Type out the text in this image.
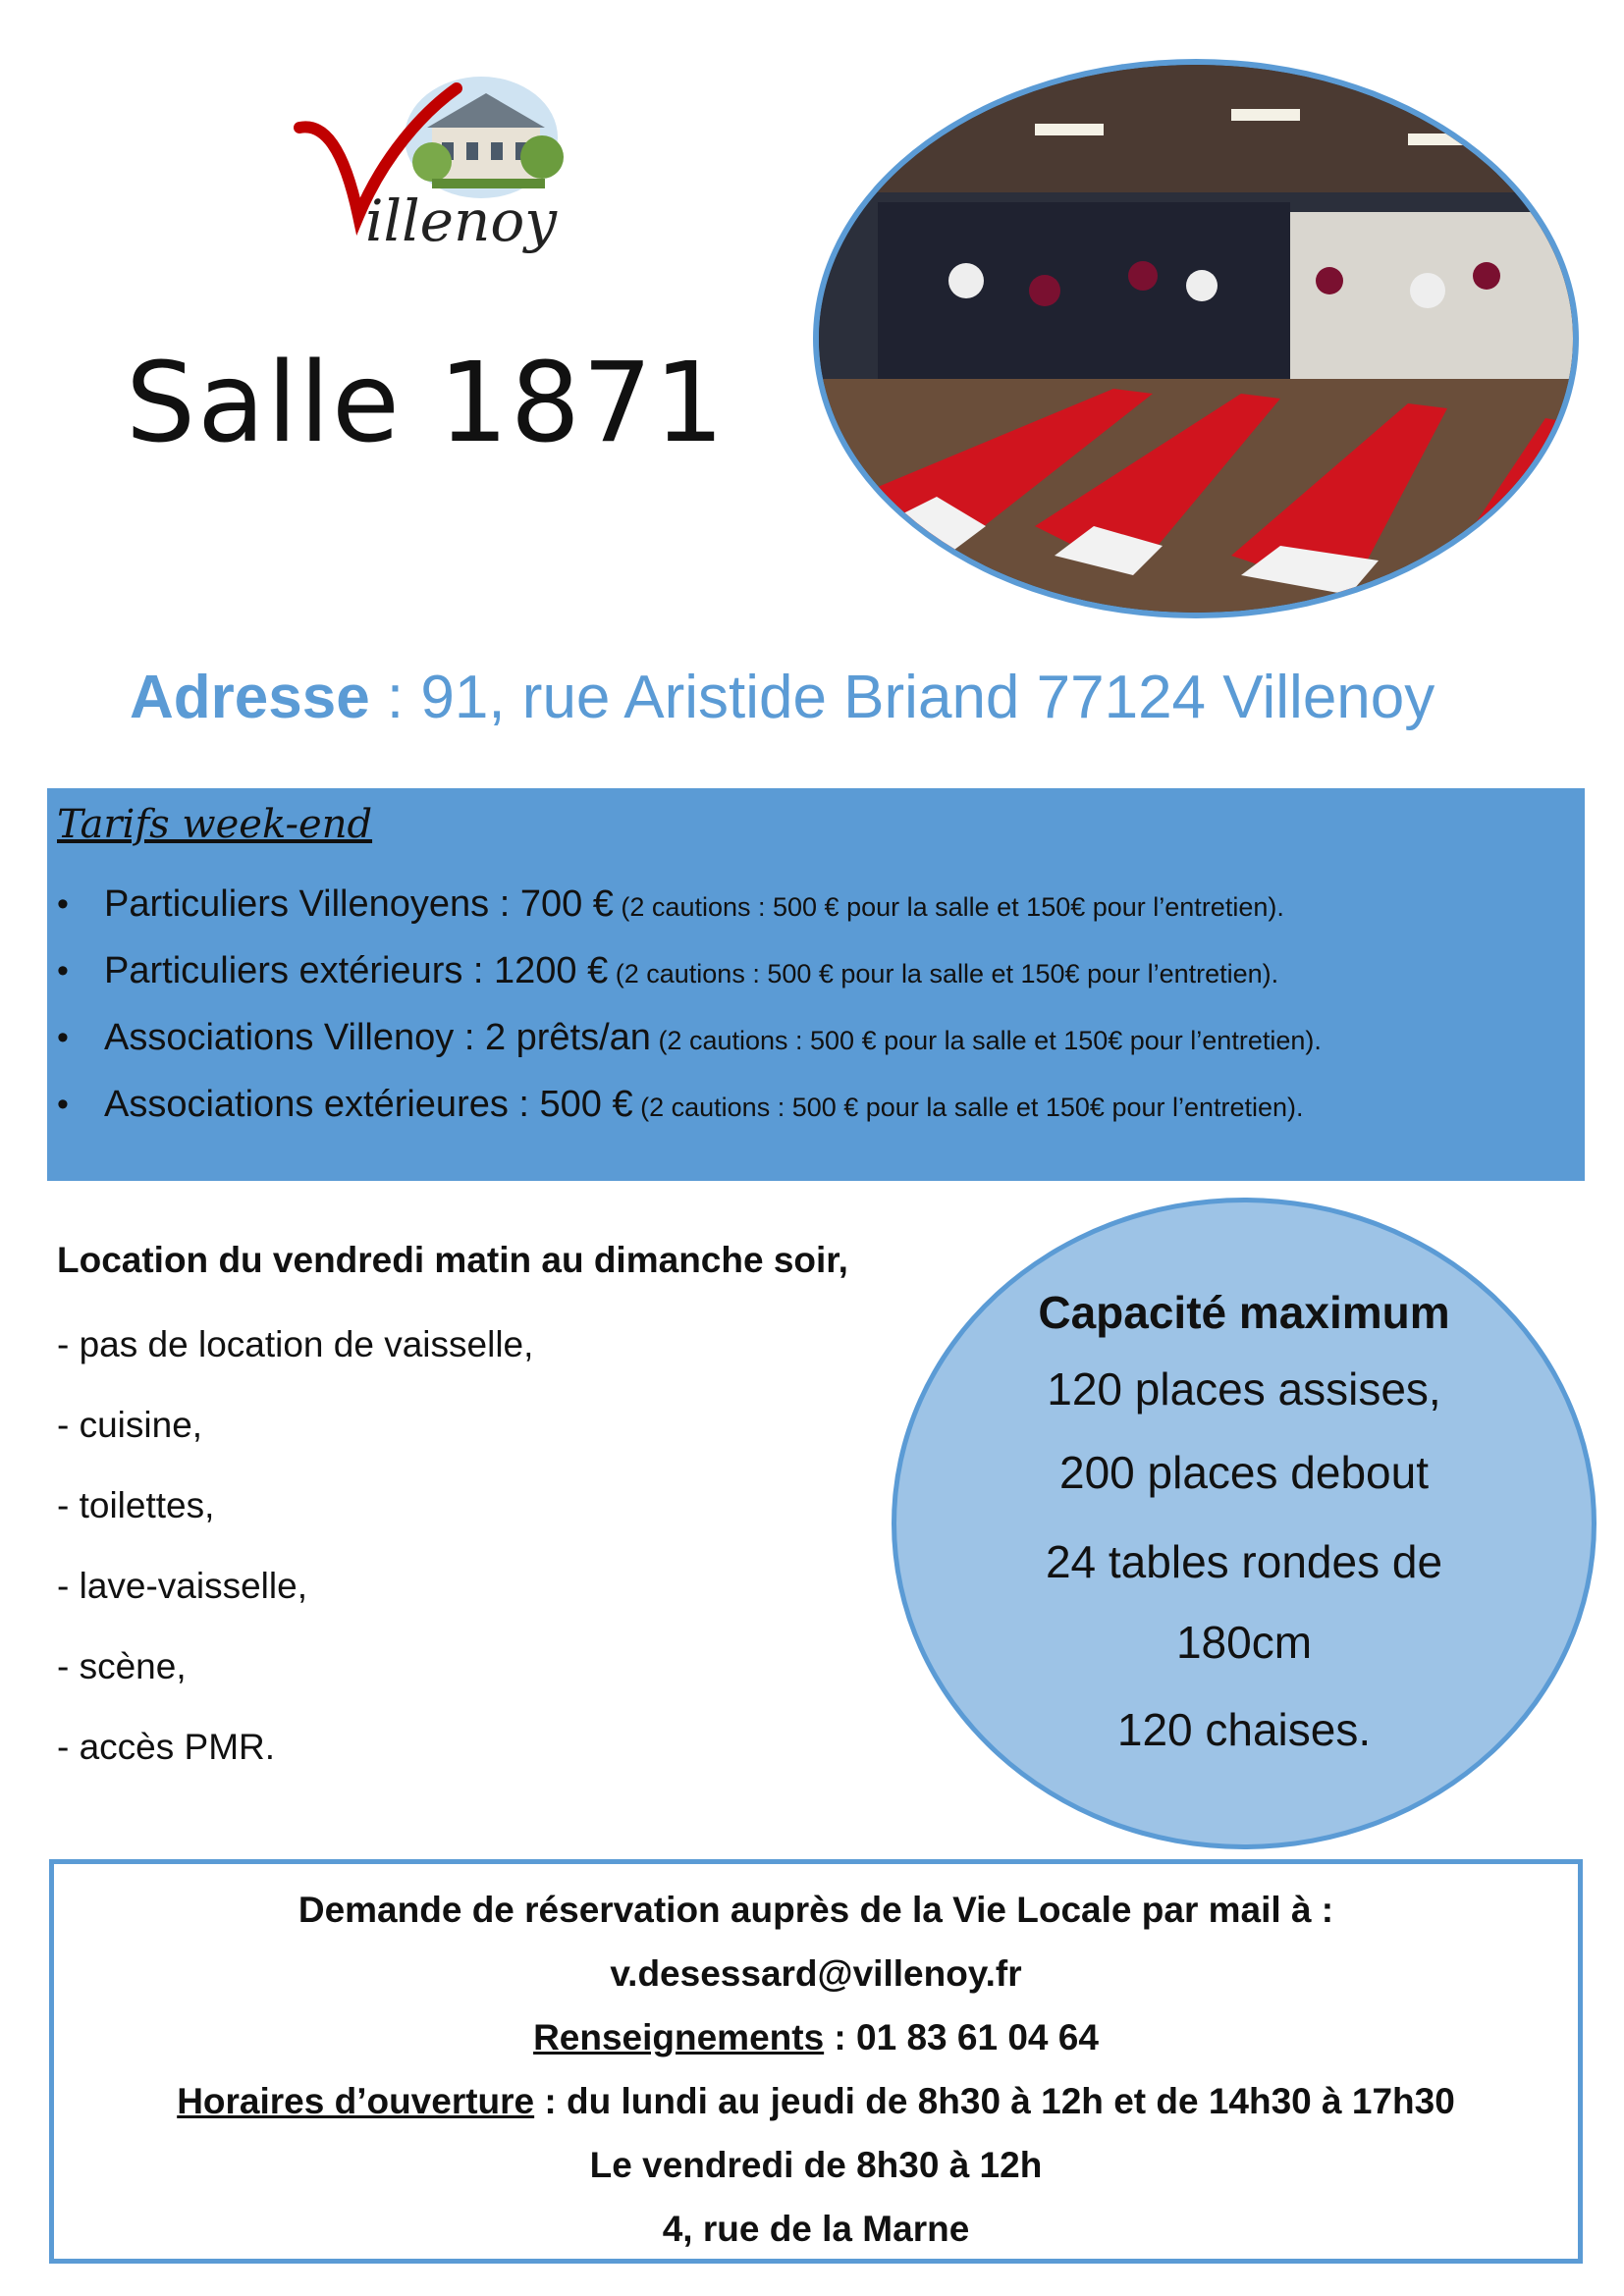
illenoy
Salle 1871
Adresse : 91, rue Aristide Briand 77124 Villenoy
Tarifs week-end
• Particuliers Villenoyens : 700 € (2 cautions : 500 € pour la salle et 150€ pour l’entretien).
• Particuliers extérieurs : 1200 € (2 cautions : 500 € pour la salle et 150€ pour l’entretien).
• Associations Villenoy : 2 prêts/an (2 cautions : 500 € pour la salle et 150€ pour l’entretien).
• Associations extérieures : 500 € (2 cautions : 500 € pour la salle et 150€ pour l’entretien).
Location du vendredi matin au dimanche soir,
- pas de location de vaisselle,
- cuisine,
- toilettes,
- lave-vaisselle,
- scène,
- accès PMR.
Capacité maximum
120 places assises,
200 places debout
24 tables rondes de 180cm
120 chaises.
Demande de réservation auprès de la Vie Locale par mail à :
v.desessard@villenoy.fr
Renseignements : 01 83 61 04 64
Horaires d’ouverture : du lundi au jeudi de 8h30 à 12h et de 14h30 à 17h30
Le vendredi de 8h30 à 12h
4, rue de la Marne
